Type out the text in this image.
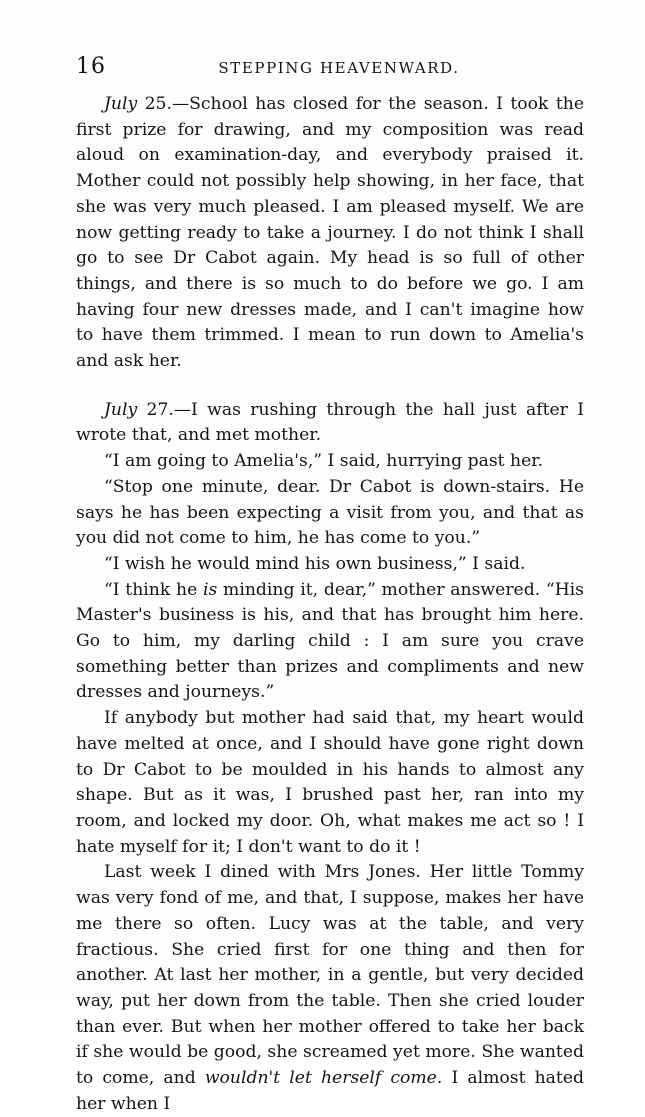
16	STEPPING HEAVENWARD.

July 25.—School has closed for the season. I took the first prize for drawing, and my composition was read aloud on examination-day, and everybody praised it. Mother could not possibly help showing, in her face, that she was very much pleased. I am pleased myself. We are now getting ready to take a journey. I do not think I shall go to see Dr Cabot again. My head is so full of other things, and there is so much to do before we go. I am having four new dresses made, and I can't imagine how to have them trimmed. I mean to run down to Amelia's and ask her.

July 27.—I was rushing through the hall just after I wrote that, and met mother.

“I am going to Amelia's,” I said, hurrying past her.

“Stop one minute, dear. Dr Cabot is down-stairs. He says he has been expecting a visit from you, and that as you did not come to him, he has come to you.”

“I wish he would mind his own business,” I said.

“I think he is minding it, dear,” mother answered. “His Master's business is his, and that has brought him here. Go to him, my darling child : I am sure you crave something better than prizes and compliments and new dresses and journeys.”

If anybody but mother had said that, my heart would have melted at once, and I should have gone right down to Dr Cabot to be moulded in his hands to almost any shape. But as it was, I brushed past her, ran into my room, and locked my door. Oh, what makes me act so ! I hate myself for it; I don't want to do it !

Last week I dined with Mrs Jones. Her little Tommy was very fond of me, and that, I suppose, makes her have me there so often. Lucy was at the table, and very fractious. She cried first for one thing and then for another. At last her mother, in a gentle, but very decided way, put her down from the table. Then she cried louder than ever. But when her mother offered to take her back if she would be good, she screamed yet more. She wanted to come, and wouldn't let herself come. I almost hated her when I
